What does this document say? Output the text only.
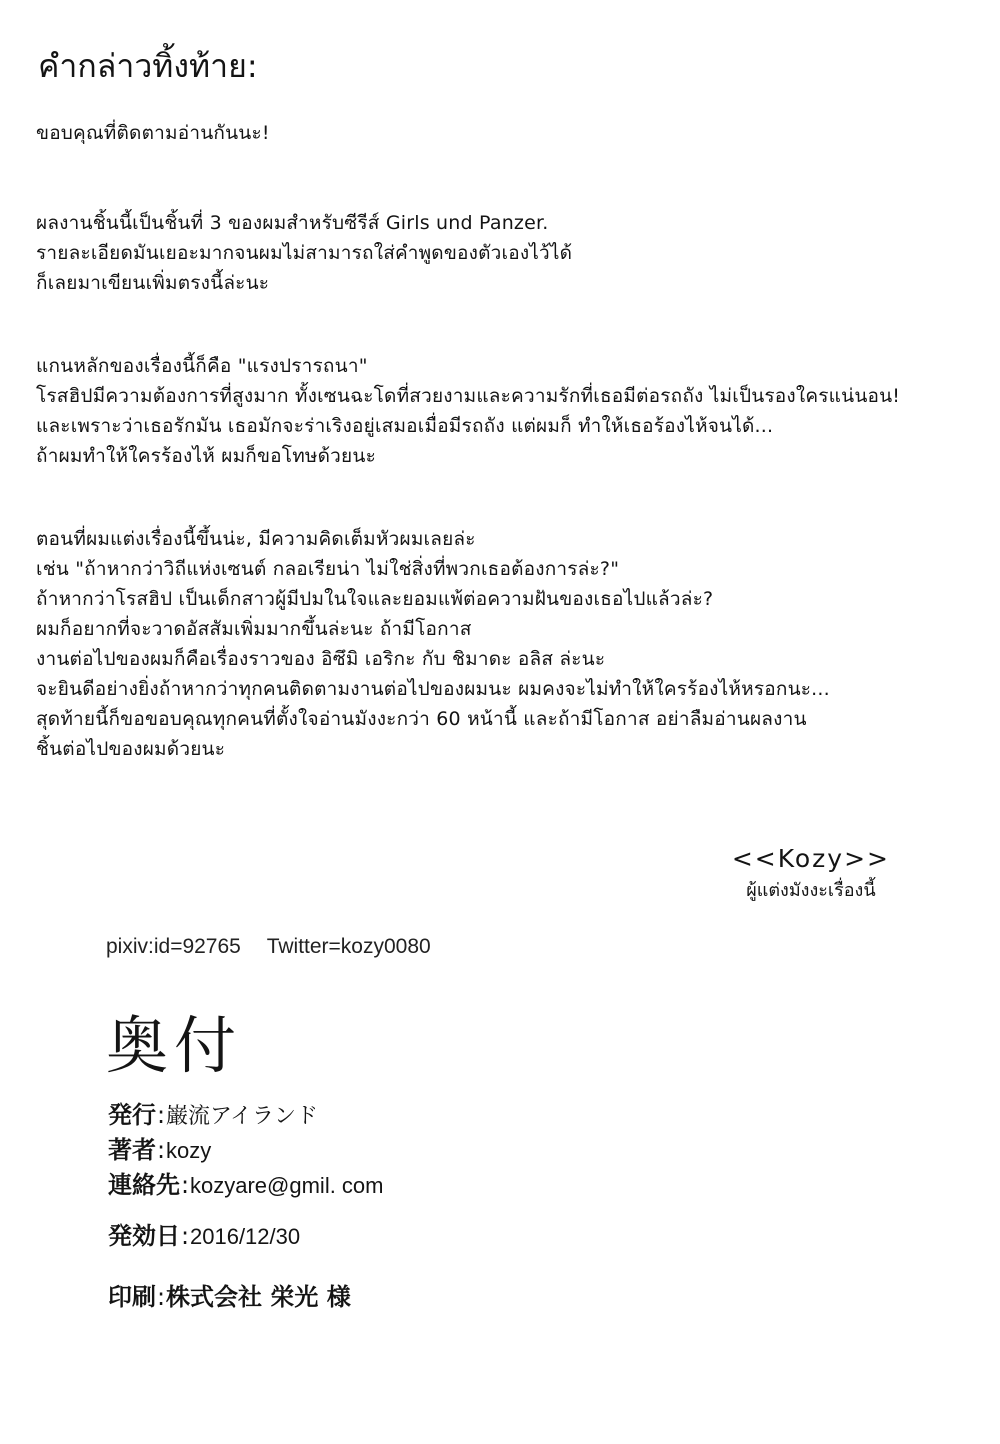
คำกล่าวทิ้งท้าย:
ขอบคุณที่ติดตามอ่านกันนะ!
ผลงานชิ้นนี้เป็นชิ้นที่ 3 ของผมสำหรับซีรีส์ Girls und Panzer.
รายละเอียดมันเยอะมากจนผมไม่สามารถใส่คำพูดของตัวเองไว้ได้
ก็เลยมาเขียนเพิ่มตรงนี้ล่ะนะ
แกนหลักของเรื่องนี้ก็คือ "แรงปรารถนา"
โรสฮิปมีความต้องการที่สูงมาก ทั้งเซนฉะโดที่สวยงามและความรักที่เธอมีต่อรถถัง ไม่เป็นรองใครแน่นอน!
และเพราะว่าเธอรักมัน เธอมักจะร่าเริงอยู่เสมอเมื่อมีรถถัง แต่ผมก็ ทำให้เธอร้องไห้จนได้...
ถ้าผมทำให้ใครร้องไห้ ผมก็ขอโทษด้วยนะ
ตอนที่ผมแต่งเรื่องนี้ขึ้นน่ะ, มีความคิดเต็มหัวผมเลยล่ะ
เช่น "ถ้าหากว่าวิถีแห่งเซนต์ กลอเรียน่า ไม่ใช่สิ่งที่พวกเธอต้องการล่ะ?"
ถ้าหากว่าโรสฮิป เป็นเด็กสาวผู้มีปมในใจและยอมแพ้ต่อความฝันของเธอไปแล้วล่ะ?
ผมก็อยากที่จะวาดอัสสัมเพิ่มมากขึ้นล่ะนะ ถ้ามีโอกาส
งานต่อไปของผมก็คือเรื่องราวของ อิซึมิ เอริกะ กับ ชิมาดะ อลิส ล่ะนะ
จะยินดีอย่างยิ่งถ้าหากว่าทุกคนติดตามงานต่อไปของผมนะ ผมคงจะไม่ทำให้ใครร้องไห้หรอกนะ...
สุดท้ายนี้ก็ขอขอบคุณทุกคนที่ตั้งใจอ่านมังงะกว่า 60 หน้านี้ และถ้ามีโอกาส อย่าลืมอ่านผลงาน
ชิ้นต่อไปของผมด้วยนะ
<<Kozy>>
ผู้แต่งมังงะเรื่องนี้
pixiv:id=92765 Twitter=kozy0080
奥付
発行:巌流アイランド
著者:kozy
連絡先:kozyare@gmil. com
発効日:2016/12/30
印刷:株式会社 栄光 様
